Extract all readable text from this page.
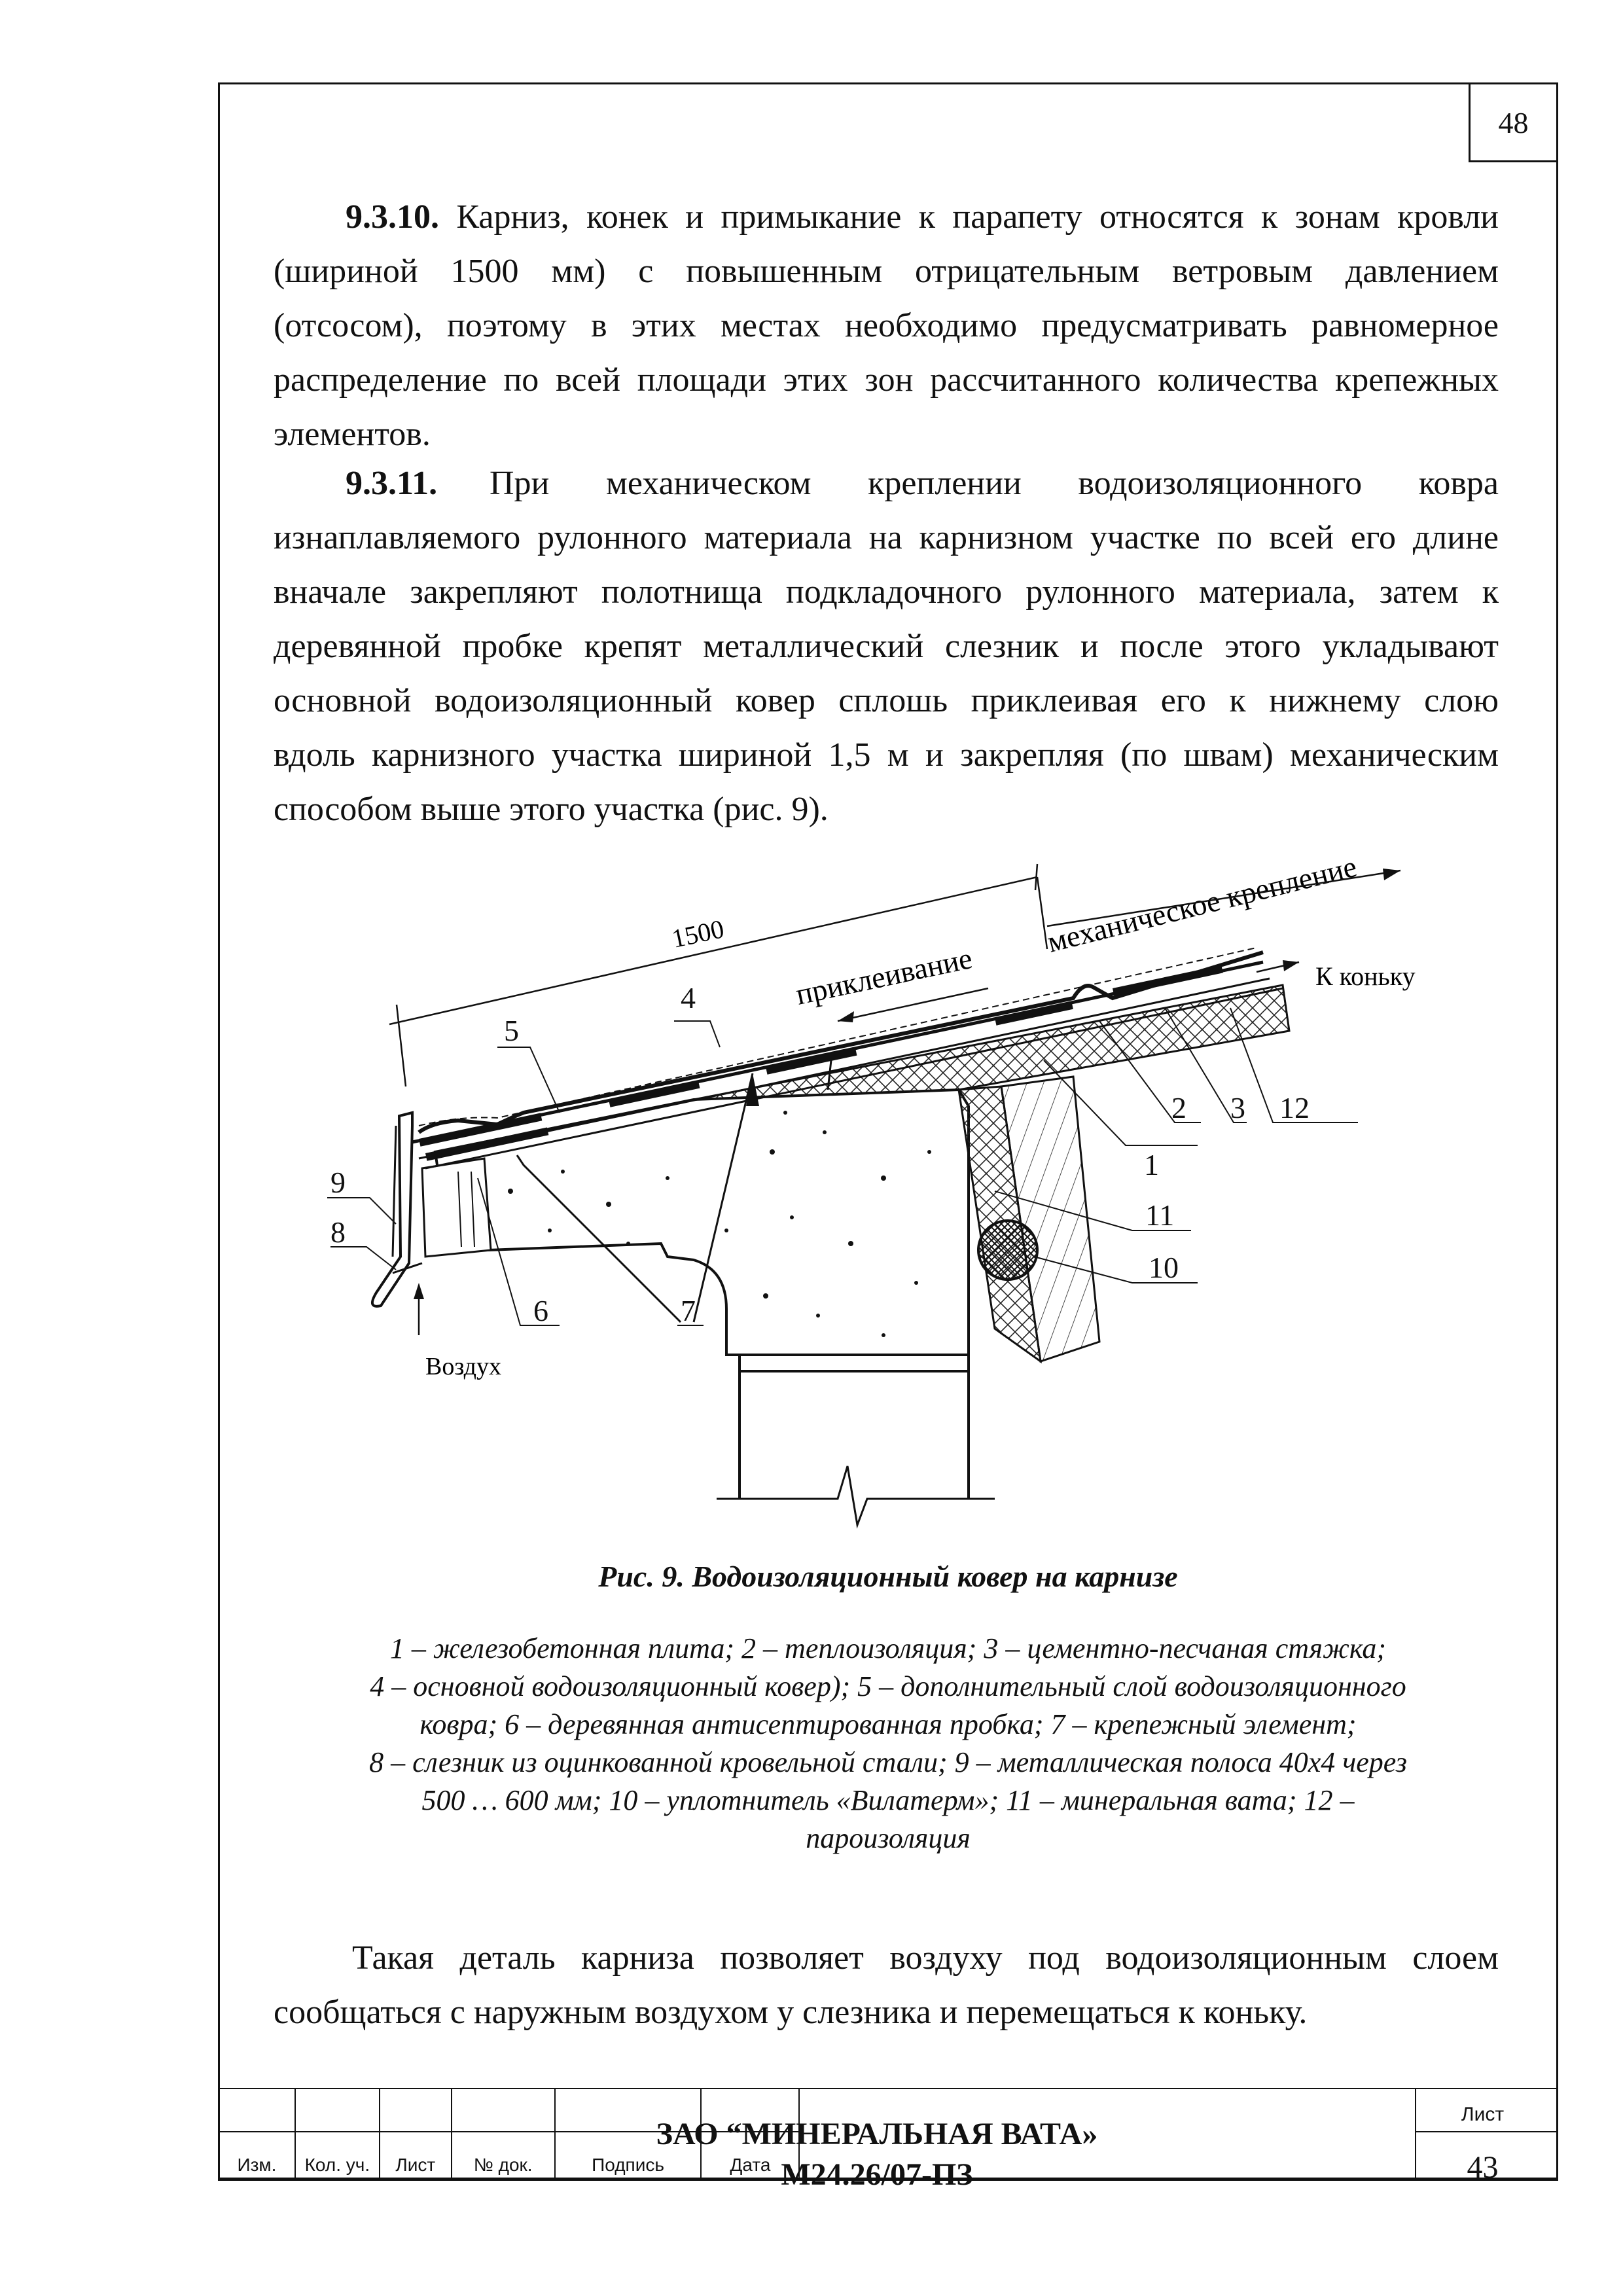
48
9.3.10. Карниз, конек и примыкание к парапету относятся к зонам кровли
(шириной 1500 мм) с повышенным отрицательным ветровым давлением
(отсосом), поэтому в этих местах необходимо предусматривать равномерное
распределение по всей площади этих зон рассчитанного количества крепежных
элементов.
9.3.11. При механическом креплении водоизоляционного ковра
изнаплавляемого рулонного материала на карнизном участке по всей его длине
вначале закрепляют полотнища подкладочного рулонного материала, затем к
деревянной пробке крепят металлический слезник и после этого укладывают
основной водоизоляционный ковер сплошь приклеивая его к нижнему слою
вдоль карнизного участка шириной 1,5 м и закрепляя (по швам) механическим
способом выше этого участка (рис. 9).
1500
приклеивание
механическое крепление
К коньку
Воздух
1
2 3
4
5
6	7
8
9
10
11
12

Рис. 9. Водоизоляционный ковер на карнизе

1 – железобетонная плита; 2 – теплоизоляция; 3 – цементно-песчаная стяжка;
4 – основной водоизоляционный ковер); 5 – дополнительный слой водоизоляционного
ковра; 6 – деревянная антисептированная пробка; 7 – крепежный элемент;
8 – слезник из оцинкованной кровельной стали; 9 – металлическая полоса 40х4 через
500 … 600 мм; 10 – уплотнитель «Вилатерм»; 11 – минеральная вата; 12 –
пароизоляция

Такая деталь карниза позволяет воздуху под водоизоляционным слоем
сообщаться с наружным воздухом у слезника и перемещаться к коньку.

Изм.	Кол. уч.	Лист	№ док.	Подпись	Дата		
ЗАО “МИНЕРАЛЬНАЯ ВАТА»
М24.26/07-ПЗ
Лист
43
